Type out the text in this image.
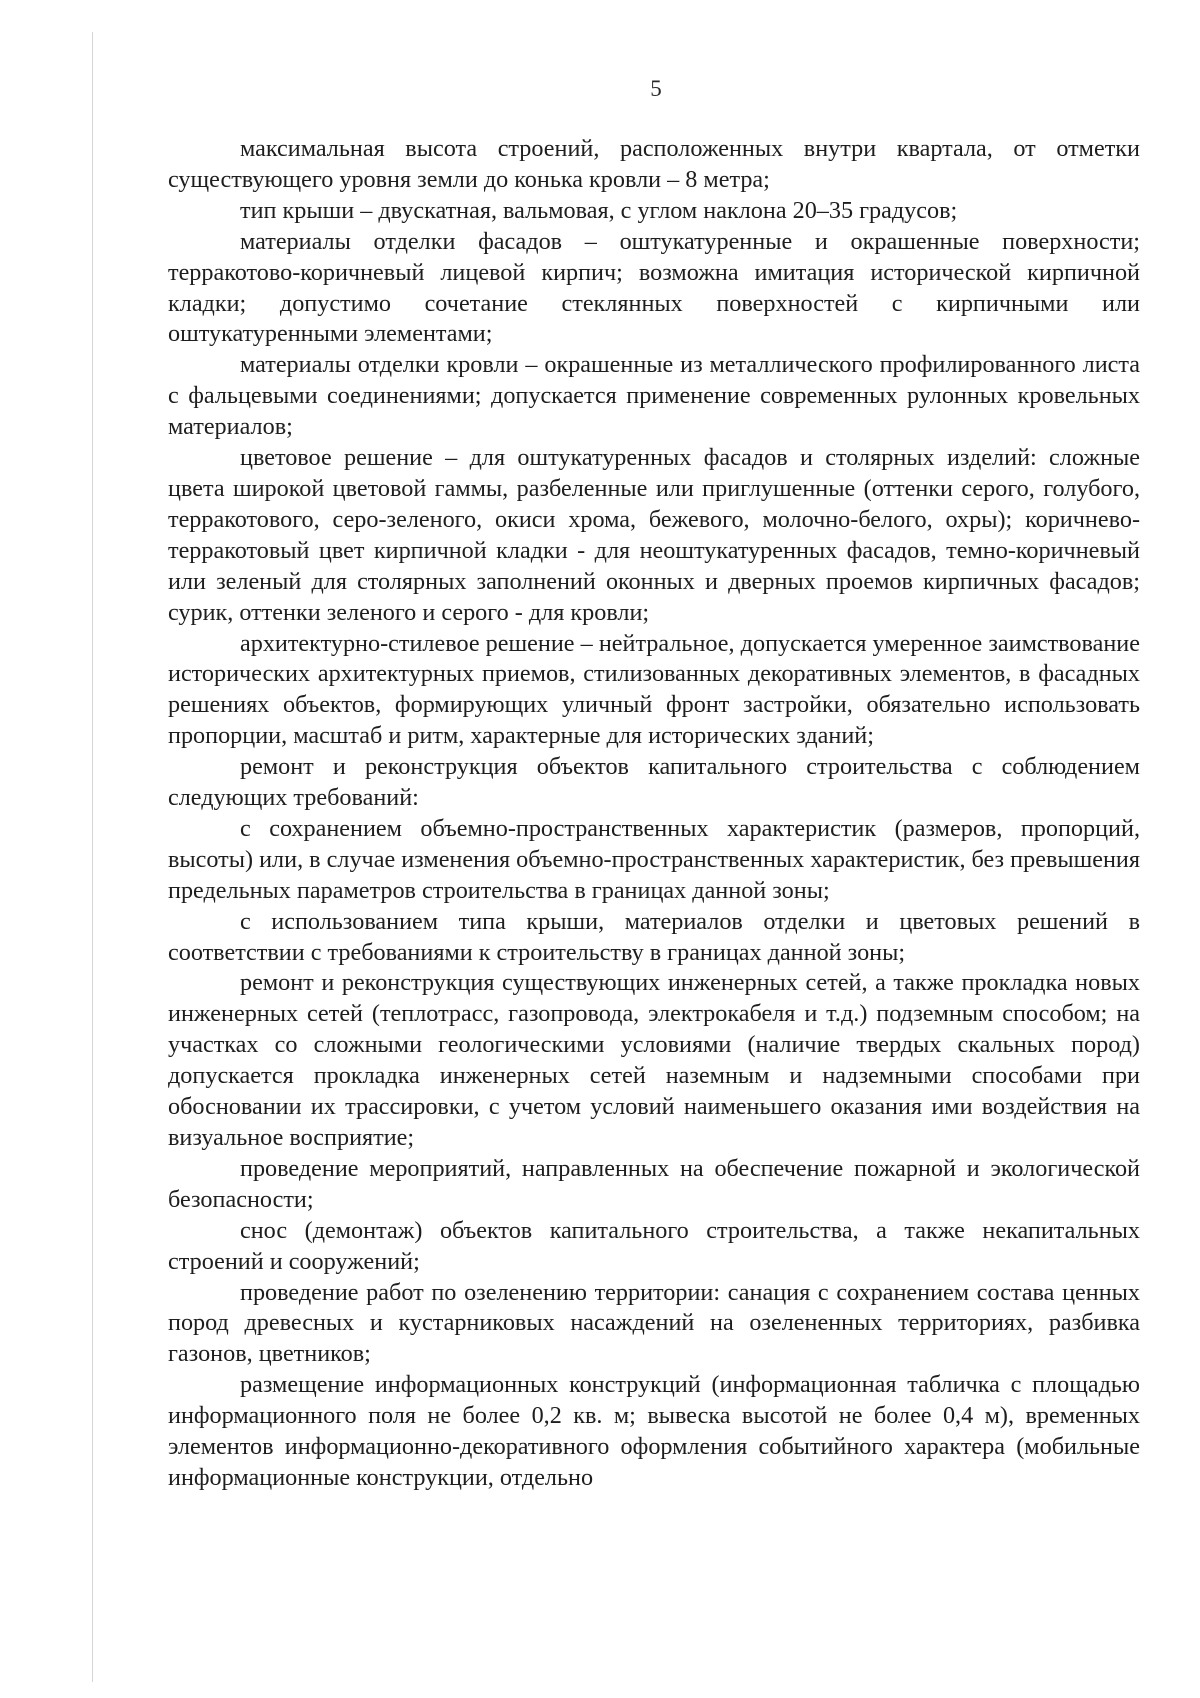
5

максимальная высота строений, расположенных внутри квартала, от отметки существующего уровня земли до конька кровли – 8 метра;

тип крыши – двускатная, вальмовая, с углом наклона 20–35 градусов;

материалы отделки фасадов – оштукатуренные и окрашенные поверхности; терракотово-коричневый лицевой кирпич; возможна имитация исторической кирпичной кладки; допустимо сочетание стеклянных поверхностей с кирпичными или оштукатуренными элементами;

материалы отделки кровли – окрашенные из металлического профилированного листа с фальцевыми соединениями; допускается применение современных рулонных кровельных материалов;

цветовое решение – для оштукатуренных фасадов и столярных изделий: сложные цвета широкой цветовой гаммы, разбеленные или приглушенные (оттенки серого, голубого, терракотового, серо-зеленого, окиси хрома, бежевого, молочно-белого, охры); коричнево-терракотовый цвет кирпичной кладки - для неоштукатуренных фасадов, темно-коричневый или зеленый для столярных заполнений оконных и дверных проемов кирпичных фасадов; сурик, оттенки зеленого и серого - для кровли;

архитектурно-стилевое решение – нейтральное, допускается умеренное заимствование исторических архитектурных приемов, стилизованных декоративных элементов, в фасадных решениях объектов, формирующих уличный фронт застройки, обязательно использовать пропорции, масштаб и ритм, характерные для исторических зданий;

ремонт и реконструкция объектов капитального строительства с соблюдением следующих требований:

с сохранением объемно-пространственных характеристик (размеров, пропорций, высоты) или, в случае изменения объемно-пространственных характеристик, без превышения предельных параметров строительства в границах данной зоны;

с использованием типа крыши, материалов отделки и цветовых решений в соответствии с требованиями к строительству в границах данной зоны;

ремонт и реконструкция существующих инженерных сетей, а также прокладка новых инженерных сетей (теплотрасс, газопровода, электрокабеля и т.д.) подземным способом; на участках со сложными геологическими условиями (наличие твердых скальных пород) допускается прокладка инженерных сетей наземным и надземными способами при обосновании их трассировки, с учетом условий наименьшего оказания ими воздействия на визуальное восприятие;

проведение мероприятий, направленных на обеспечение пожарной и экологической безопасности;

снос (демонтаж) объектов капитального строительства, а также некапитальных строений и сооружений;

проведение работ по озеленению территории: санация с сохранением состава ценных пород древесных и кустарниковых насаждений на озелененных территориях, разбивка газонов, цветников;

размещение информационных конструкций (информационная табличка с площадью информационного поля не более 0,2 кв. м; вывеска высотой не более 0,4 м), временных элементов информационно-декоративного оформления событийного характера (мобильные информационные конструкции, отдельно
